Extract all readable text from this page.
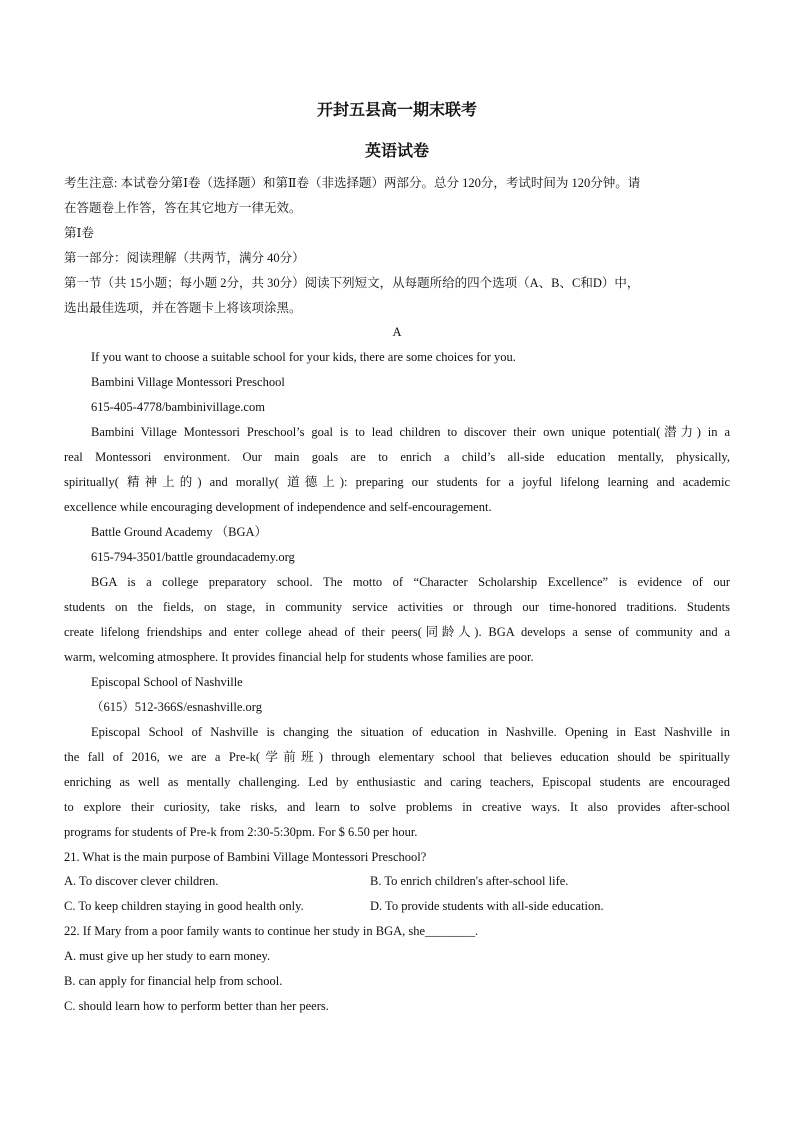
开封五县高一期末联考
英语试卷
考生注意: 本试卷分第Ⅰ卷（选择题）和第Ⅱ卷（非选择题）两部分。总分 120分，考试时间为 120分钟。请
在答题卷上作答，答在其它地方一律无效。
第Ⅰ卷
第一部分：阅读理解（共两节，满分 40分）
第一节（共 15小题；每小题 2分，共 30分）阅读下列短文，从每题所给的四个选项（A、B、C和D）中，
选出最佳选项，并在答题卡上将该项涂黑。
A
If you want to choose a suitable school for your kids, there are some choices for you.
Bambini Village Montessori Preschool
615-405-4778/bambinivillage.com
Bambini Village Montessori Preschool’s goal is to lead children to discover their own unique potential(潜力) in a
real Montessori environment. Our main goals are to enrich a child’s all-side education mentally, physically,
spiritually( 精神上的) and morally( 道德上): preparing our students for a joyful lifelong learning and academic
excellence while encouraging development of independence and self-encouragement.
Battle Ground Academy （BGA）
615-794-3501/battle groundacademy.org
BGA is a college preparatory school. The motto of “Character Scholarship Excellence” is evidence of our
students on the fields, on stage, in community service activities or through our time-honored traditions. Students
create lifelong friendships and enter college ahead of their peers(同龄人). BGA develops a sense of community and a
warm, welcoming atmosphere. It provides financial help for students whose families are poor.
Episcopal School of Nashville
（615）512-366S/esnashville.org
Episcopal School of Nashville is changing the situation of education in Nashville. Opening in East Nashville in
the fall of 2016, we are a Pre-k(学前班) through elementary school that believes education should be spiritually
enriching as well as mentally challenging. Led by enthusiastic and caring teachers, Episcopal students are encouraged
to explore their curiosity, take risks, and learn to solve problems in creative ways. It also provides after-school
programs for students of Pre-k from 2:30-5:30pm. For $ 6.50 per hour.
21. What is the main purpose of Bambini Village Montessori Preschool?
A. To discover clever children.	B. To enrich children's after-school life.
C. To keep children staying in good health only.	D. To provide students with all-side education.
22. If Mary from a poor family wants to continue her study in BGA, she________.
A. must give up her study to earn money.
B. can apply for financial help from school.
C. should learn how to perform better than her peers.
